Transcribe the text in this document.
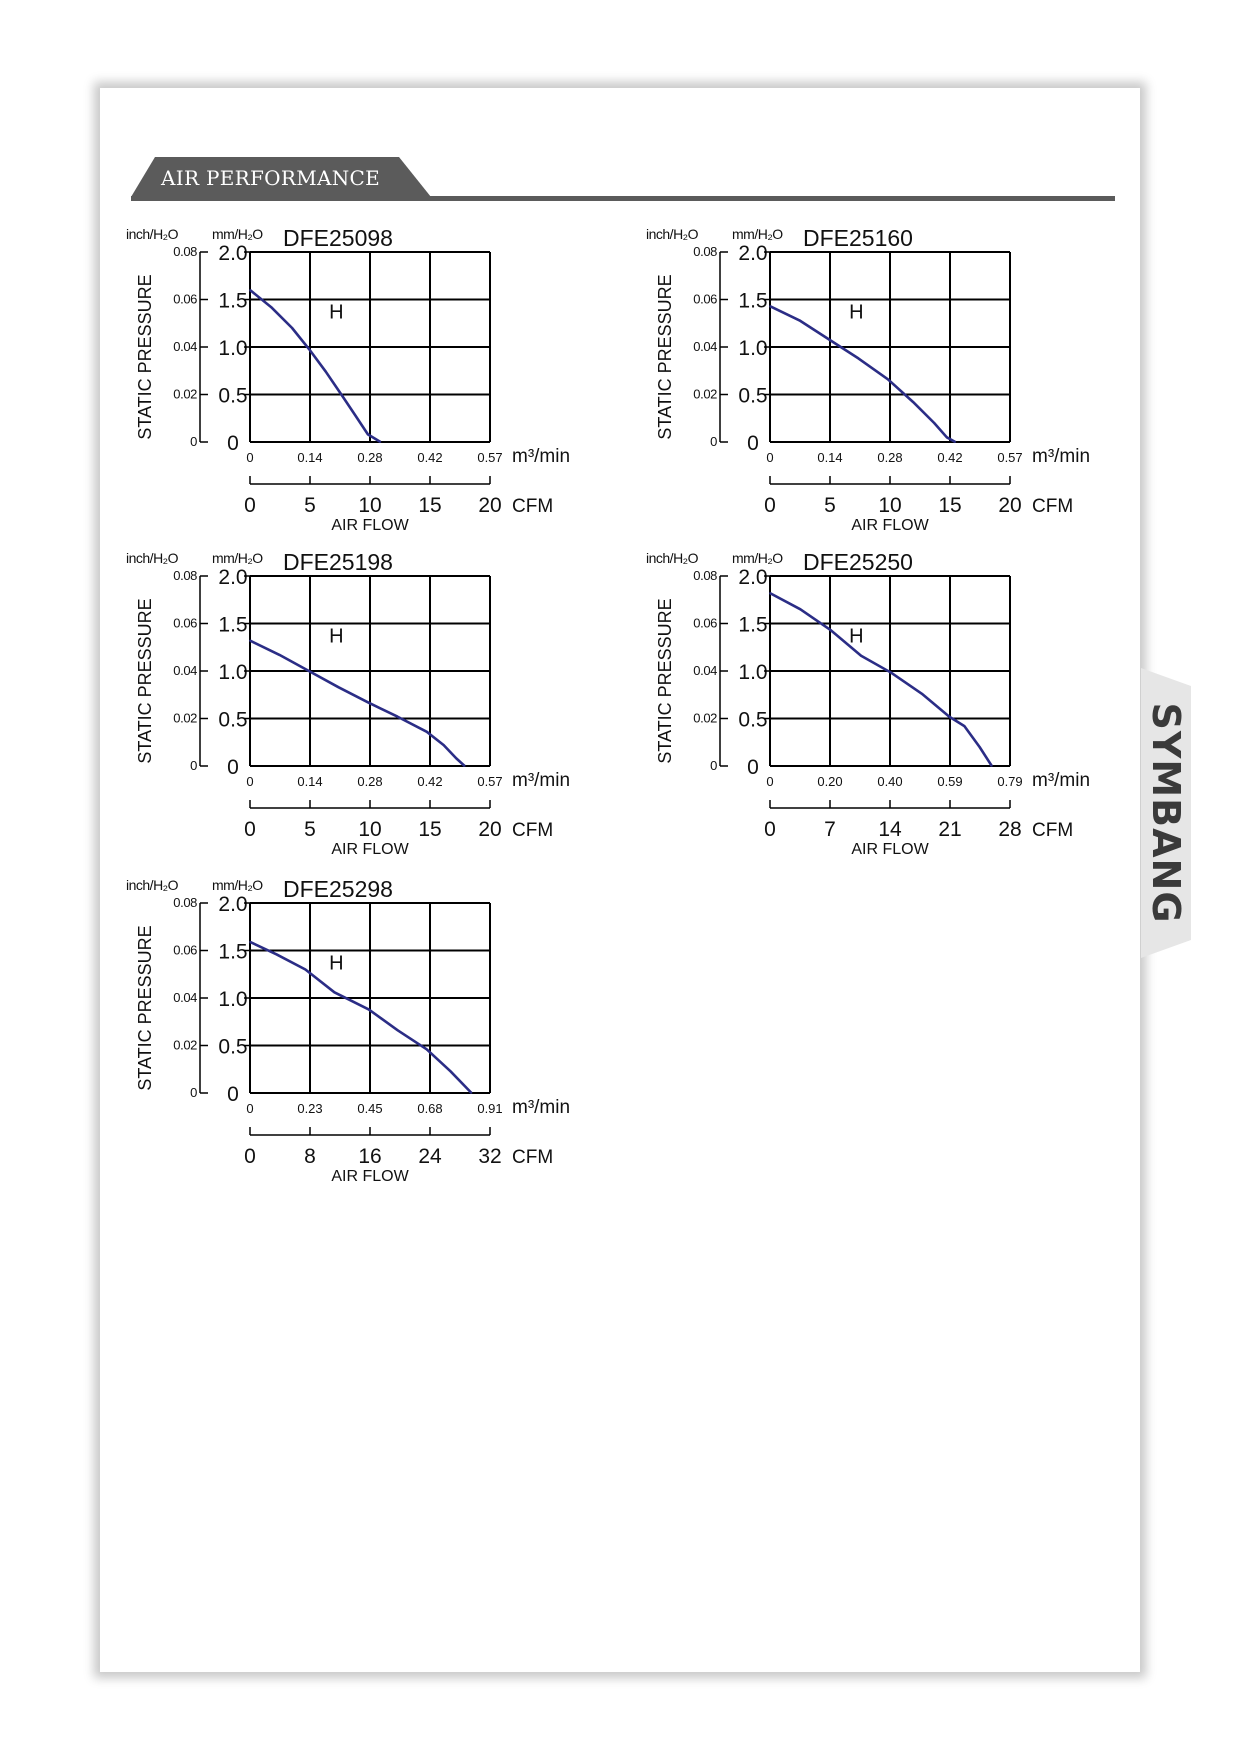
AIR PERFORMANCE
SYMBANG
DFE25098
inch/H₂O mm/H₂O
STATIC PRESSURE
0.08 2.0
0.06 1.5
0.04 1.0
0.02 0.5
0 0
0	0.14	0.28	0.42	0.57 m³/min
0 5 10 15 20 CFM
AIR FLOW
H
DFE25160
inch/H₂O mm/H₂O
STATIC PRESSURE
0.08 2.0
0.06 1.5
0.04 1.0
0.02 0.5
0 0
0	0.14	0.28	0.42	0.57 m³/min
0 5 10 15 20 CFM
AIR FLOW
H
DFE25198
inch/H₂O mm/H₂O
STATIC PRESSURE
0.08 2.0
0.06 1.5
0.04 1.0
0.02 0.5
0 0
0	0.14	0.28	0.42	0.57 m³/min
0 5 10 15 20 CFM
AIR FLOW
H
DFE25250
inch/H₂O mm/H₂O
STATIC PRESSURE
0.08 2.0
0.06 1.5
0.04 1.0
0.02 0.5
0 0
0	0.20	0.40	0.59	0.79 m³/min
0 7 14 21 28 CFM
AIR FLOW
H
DFE25298
inch/H₂O mm/H₂O
STATIC PRESSURE
0.08 2.0
0.06 1.5
0.04 1.0
0.02 0.5
0 0
0	0.23	0.45	0.68	0.91 m³/min
0 8 16 24 32 CFM
AIR FLOW
H
